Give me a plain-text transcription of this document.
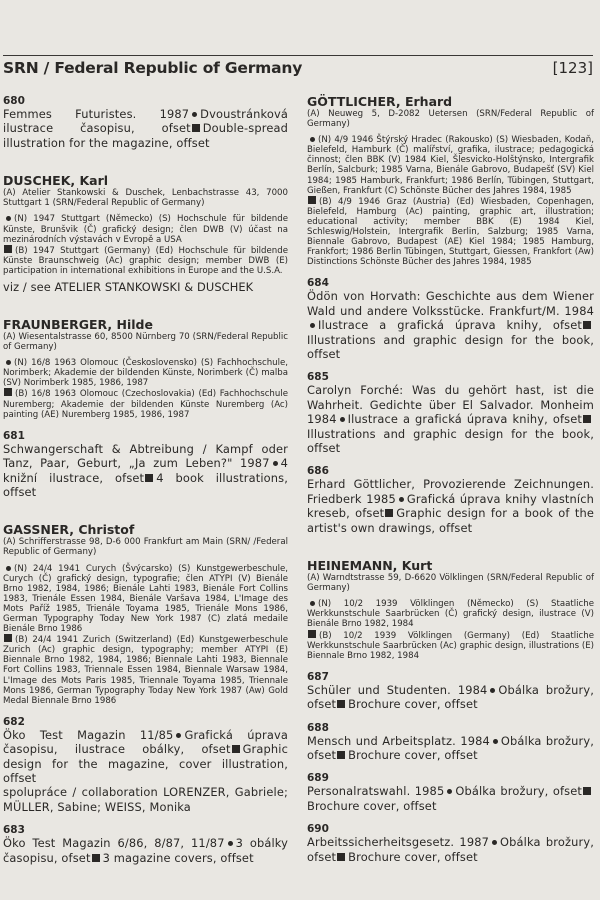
SRN / Federal Republic of Germany	[123]
680
Femmes Futuristes. 1987 Dvoustránková ilustrace časopisu, ofset Double-spread illustration for the magazine, offset
DUSCHEK, Karl
(A) Atelier Stankowski & Duschek, Lenbachstrasse 43, 7000 Stuttgart 1 (SRN/Federal Republic of Germany)
(N) 1947 Stuttgart (Německo) (S) Hochschule für bildende Künste, Brunšvik (Č) grafický design; člen DWB (V) účast na mezinárodních výstavách v Evropě a USA
(B) 1947 Stuttgart (Germany) (Ed) Hochschule für bildende Künste Braunschweig (Ac) graphic design; member DWB (E) participation in international exhibitions in Europe and the U.S.A.
viz / see ATELIER STANKOWSKI & DUSCHEK
FRAUNBERGER, Hilde
(A) Wiesentalstrasse 60, 8500 Nürnberg 70 (SRN/Federal Republic of Germany)
(N) 16/8 1963 Olomouc (Československo) (S) Fachhochschule, Norimberk; Akademie der bildenden Künste, Norimberk (Č) malba (SV) Norimberk 1985, 1986, 1987
(B) 16/8 1963 Olomouc (Czechoslovakia) (Ed) Fachhochschule Nuremberg; Akademie der bildenden Künste Nuremberg (Ac) painting (AE) Nuremberg 1985, 1986, 1987
681
Schwangerschaft & Abtreibung / Kampf oder Tanz, Paar, Geburt, „Ja zum Leben?" 1987 4 knižní ilustrace, ofset 4 book illustrations, offset
GASSNER, Christof
(A) Schrifferstrasse 98, D-6 000 Frankfurt am Main (SRN/ /Federal Republic of Germany)
(N) 24/4 1941 Curych (Švýcarsko) (S) Kunstgewerbeschule, Curych (Č) grafický design, typografie; člen ATYPI (V) Bienále Brno 1982, 1984, 1986; Bienále Lahti 1983, Bienále Fort Collins 1983, Trienále Essen 1984, Bienále Varšava 1984, L'Image des Mots Paříž 1985, Trienále Toyama 1985, Trienále Mons 1986, German Typography Today New York 1987 (C) zlatá medaile Bienále Brno 1986
(B) 24/4 1941 Zurich (Switzerland) (Ed) Kunstgewerbeschule Zurich (Ac) graphic design, typography; member ATYPI (E) Biennale Brno 1982, 1984, 1986; Biennale Lahti 1983, Biennale Fort Collins 1983, Triennale Essen 1984, Biennale Warsaw 1984, L'Image des Mots Paris 1985, Triennale Toyama 1985, Triennale Mons 1986, German Typography Today New York 1987 (Aw) Gold Medal Biennale Brno 1986
682
Öko Test Magazin 11/85 Grafická úprava časopisu, ilustrace obálky, ofset Graphic design for the magazine, cover illustration, offset
spolupráce / collaboration LORENZER, Gabriele; MÜLLER, Sabine; WEISS, Monika
683
Öko Test Magazin 6/86, 8/87, 11/87 3 obálky časopisu, ofset 3 magazine covers, offset
GÖTTLICHER, Erhard
(A) Neuweg 5, D-2082 Uetersen (SRN/Federal Republic of Germany)
(N) 4/9 1946 Štýrský Hradec (Rakousko) (S) Wiesbaden, Kodaň, Bielefeld, Hamburk (Č) malířství, grafika, ilustrace; pedagogická činnost; člen BBK (V) 1984 Kiel, Šlesvicko-Holštýnsko, Intergrafik Berlín, Salcburk; 1985 Varna, Bienále Gabrovo, Budapešť (SV) Kiel 1984; 1985 Hamburk, Frankfurt; 1986 Berlín, Tübingen, Stuttgart, Gießen, Frankfurt (C) Schönste Bücher des Jahres 1984, 1985
(B) 4/9 1946 Graz (Austria) (Ed) Wiesbaden, Copenhagen, Bielefeld, Hamburg (Ac) painting, graphic art, illustration; educational activity; member BBK (E) 1984 Kiel, Schleswig/Holstein, Intergrafik Berlin, Salzburg; 1985 Varna, Biennale Gabrovo, Budapest (AE) Kiel 1984; 1985 Hamburg, Frankfort; 1986 Berlin Tübingen, Stuttgart, Giessen, Frankfort (Aw) Distinctions Schönste Bücher des Jahres 1984, 1985
684
Ödön von Horvath: Geschichte aus dem Wiener Wald und andere Volksstücke. Frankfurt/M. 1984Ilustrace a grafická úprava knihy, ofsetIllustrations and graphic design for the book, offset
685
Carolyn Forché: Was du gehört hast, ist die Wahrheit. Gedichte über El Salvador. Monheim 1984 Ilustrace a grafická úprava knihy, ofsetIllustrations and graphic design for the book, offset
686
Erhard Göttlicher, Provozierende Zeichnungen. Friedberk 1985 Grafická úprava knihy vlastních kreseb, ofset Graphic design for a book of the artist's own drawings, offset
HEINEMANN, Kurt
(A) Warndtstrasse 59, D-6620 Völklingen (SRN/Federal Republic of Germany)
(N) 10/2 1939 Völklingen (Německo) (S) Staatliche Werkkunstschule Saarbrücken (Č) grafický design, ilustrace (V) Bienále Brno 1982, 1984
(B) 10/2 1939 Völklingen (Germany) (Ed) Staatliche Werkkunstschule Saarbrücken (Ac) graphic design, illustrations (E) Biennale Brno 1982, 1984
687
Schüler und Studenten. 1984 Obálka brožury, ofset Brochure cover, offset
688
Mensch und Arbeitsplatz. 1984 Obálka brožury, ofset Brochure cover, offset
689
Personalratswahl. 1985 Obálka brožury, ofsetBrochure cover, offset
690
Arbeitssicherheitsgesetz. 1987 Obálka brožury, ofset Brochure cover, offset
